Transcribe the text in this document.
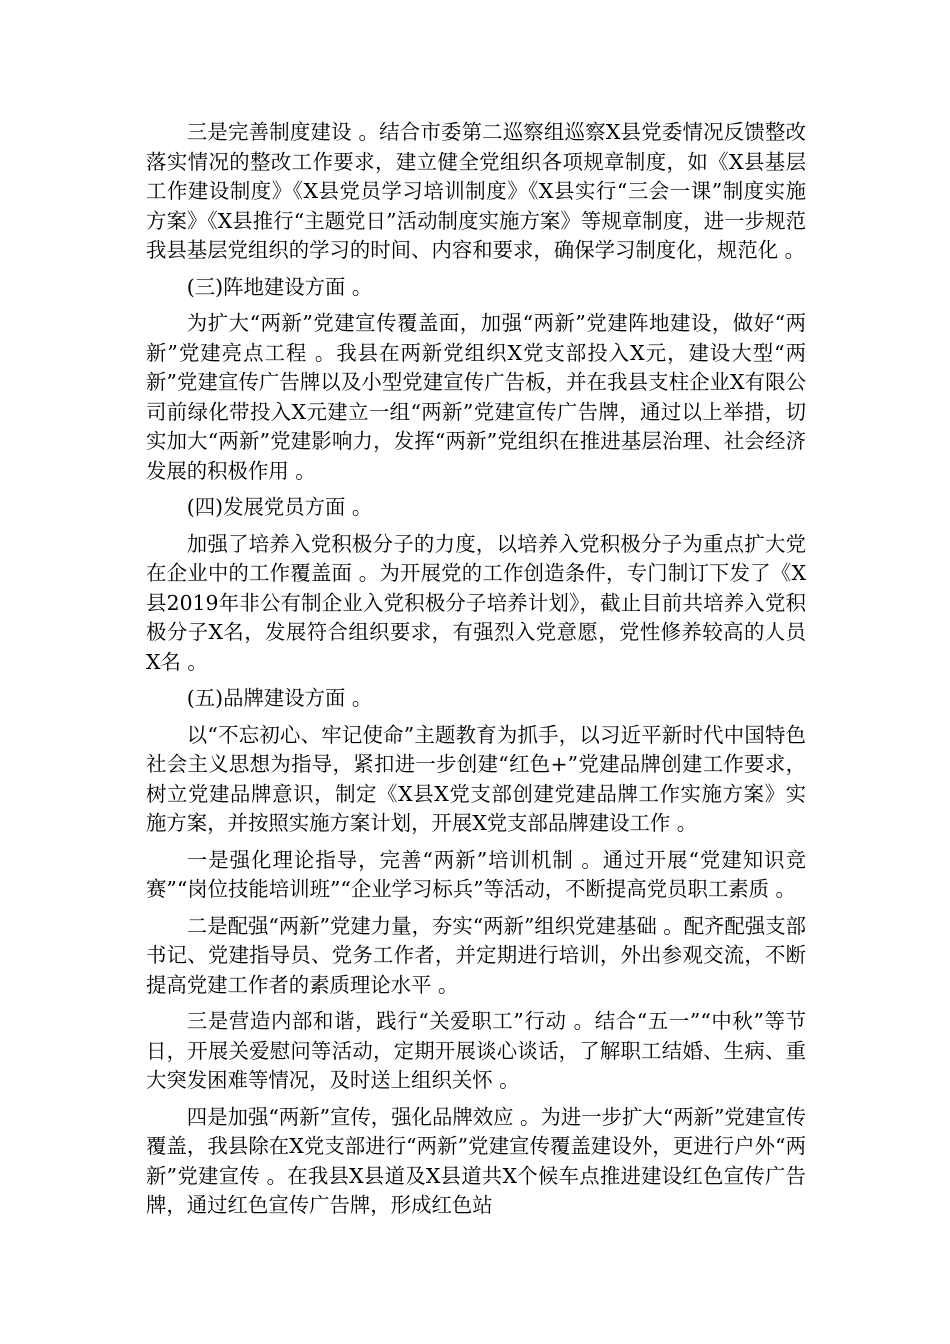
三是完善制度建设 。结合市委第二巡察组巡察X县党委情况反馈整改落实情况的整改工作要求，建立健全党组织各项规章制度，如《X县基层工作建设制度》《X县党员学习培训制度》《X县实行“三会一课”制度实施方案》《X县推行“主题党日”活动制度实施方案》等规章制度，进一步规范我县基层党组织的学习的时间、内容和要求，确保学习制度化，规范化 。

(三)阵地建设方面 。

为扩大“两新”党建宣传覆盖面，加强“两新”党建阵地建设，做好“两新”党建亮点工程 。我县在两新党组织X党支部投入X元，建设大型“两新”党建宣传广告牌以及小型党建宣传广告板，并在我县支柱企业X有限公司前绿化带投入X元建立一组“两新”党建宣传广告牌，通过以上举措，切实加大“两新”党建影响力，发挥“两新”党组织在推进基层治理、社会经济发展的积极作用 。

(四)发展党员方面 。

加强了培养入党积极分子的力度，以培养入党积极分子为重点扩大党在企业中的工作覆盖面 。为开展党的工作创造条件，专门制订下发了《X县2019年非公有制企业入党积极分子培养计划》，截止目前共培养入党积极分子X名，发展符合组织要求，有强烈入党意愿，党性修养较高的人员X名 。

(五)品牌建设方面 。

以“不忘初心、牢记使命”主题教育为抓手，以习近平新时代中国特色社会主义思想为指导，紧扣进一步创建“红色+”党建品牌创建工作要求，树立党建品牌意识，制定《X县X党支部创建党建品牌工作实施方案》实施方案，并按照实施方案计划，开展X党支部品牌建设工作 。

一是强化理论指导，完善“两新”培训机制 。通过开展“党建知识竞赛”“岗位技能培训班”“企业学习标兵”等活动，不断提高党员职工素质 。

二是配强“两新”党建力量，夯实“两新”组织党建基础 。配齐配强支部书记、党建指导员、党务工作者，并定期进行培训，外出参观交流，不断提高党建工作者的素质理论水平 。

三是营造内部和谐，践行“关爱职工”行动 。结合“五一”“中秋”等节日，开展关爱慰问等活动，定期开展谈心谈话，了解职工结婚、生病、重大突发困难等情况，及时送上组织关怀 。

四是加强“两新”宣传，强化品牌效应 。为进一步扩大“两新”党建宣传覆盖，我县除在X党支部进行“两新”党建宣传覆盖建设外，更进行户外“两新”党建宣传 。在我县X县道及X县道共X个候车点推进建设红色宣传广告牌，通过红色宣传广告牌，形成红色站
